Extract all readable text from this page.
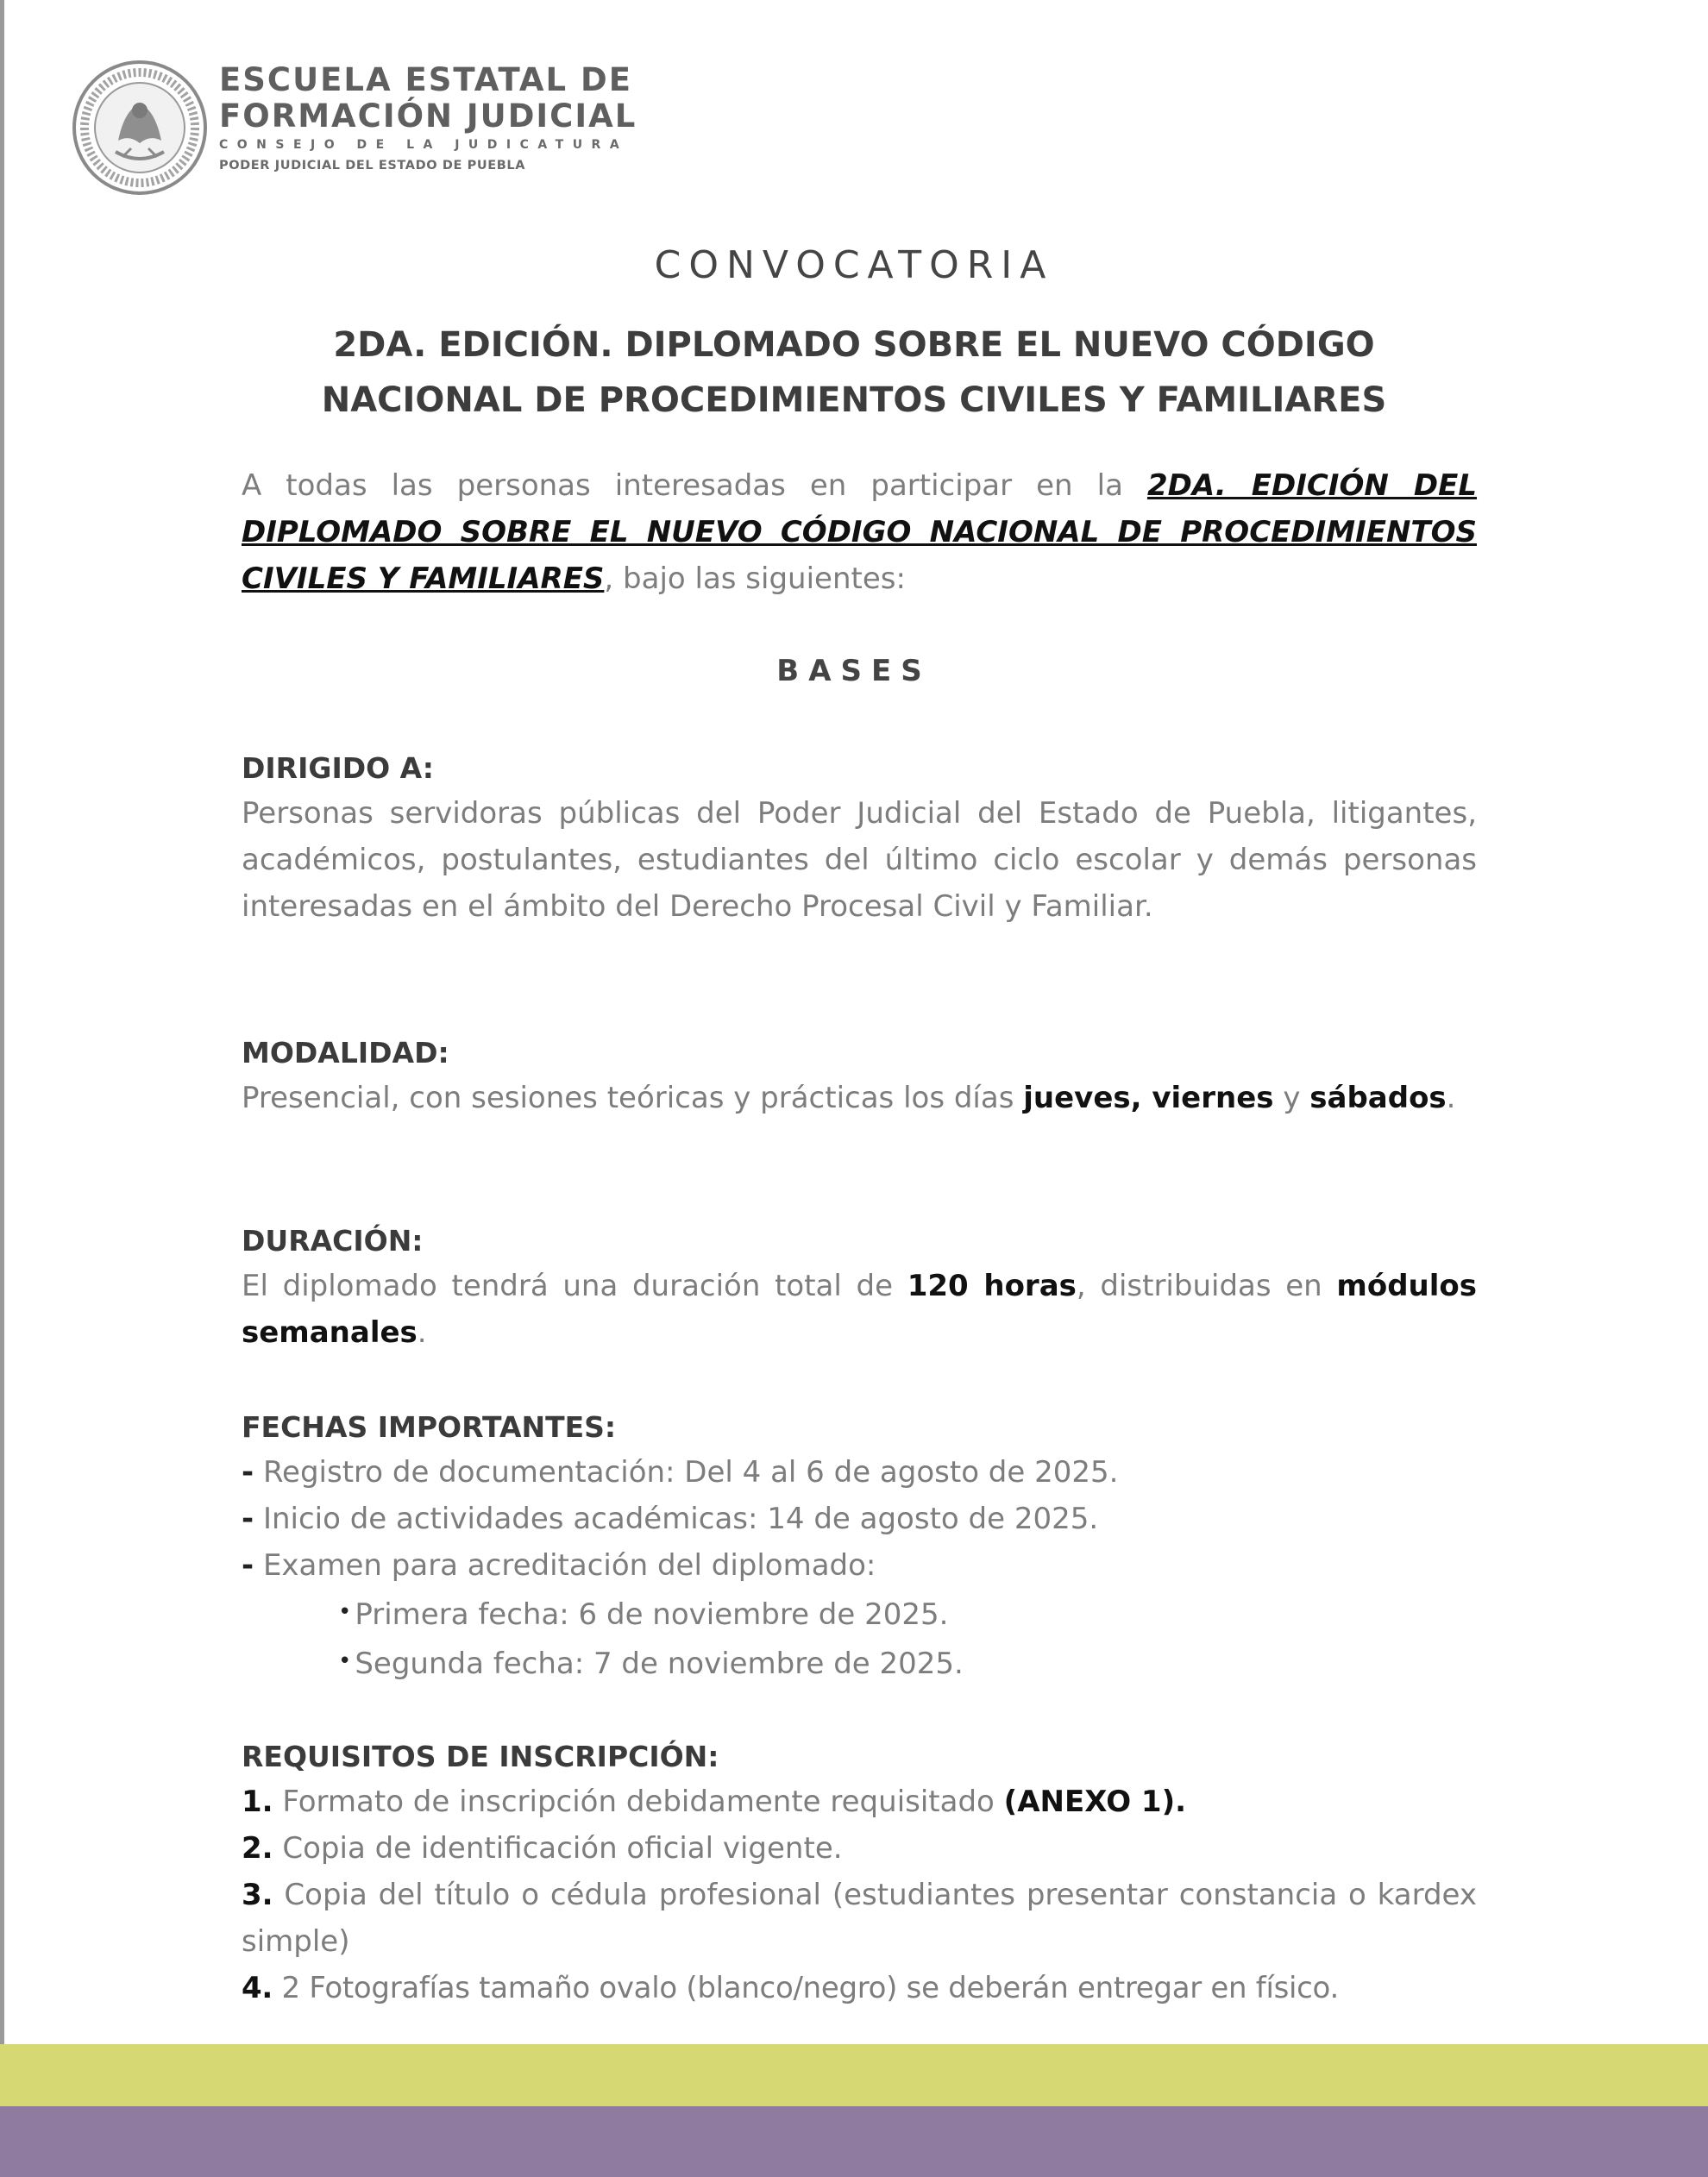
ESCUELA ESTATAL DE
FORMACIÓN JUDICIAL
CONSEJO DE LA JUDICATURA
PODER JUDICIAL DEL ESTADO DE PUEBLA
CONVOCATORIA
2DA. EDICIÓN. DIPLOMADO SOBRE EL NUEVO CÓDIGO NACIONAL DE PROCEDIMIENTOS CIVILES Y FAMILIARES

A todas las personas interesadas en participar en la 2DA. EDICIÓN DEL DIPLOMADO SOBRE EL NUEVO CÓDIGO NACIONAL DE PROCEDIMIENTOS CIVILES Y FAMILIARES, bajo las siguientes:

BASES

DIRIGIDO A:

Personas servidoras públicas del Poder Judicial del Estado de Puebla, litigantes, académicos, postulantes, estudiantes del último ciclo escolar y demás personas interesadas en el ámbito del Derecho Procesal Civil y Familiar.

MODALIDAD:

Presencial, con sesiones teóricas y prácticas los días jueves, viernes y sábados.

DURACIÓN:

El diplomado tendrá una duración total de 120 horas, distribuidas en módulos semanales.

FECHAS IMPORTANTES:

- Registro de documentación: Del 4 al 6 de agosto de 2025.

- Inicio de actividades académicas: 14 de agosto de 2025.

- Examen para acreditación del diplomado:

• Primera fecha: 6 de noviembre de 2025.

• Segunda fecha: 7 de noviembre de 2025.

REQUISITOS DE INSCRIPCIÓN:

1. Formato de inscripción debidamente requisitado (ANEXO 1).

2. Copia de identificación oficial vigente.

3. Copia del título o cédula profesional (estudiantes presentar constancia o kardex simple)

4. 2 Fotografías tamaño ovalo (blanco/negro) se deberán entregar en físico.
